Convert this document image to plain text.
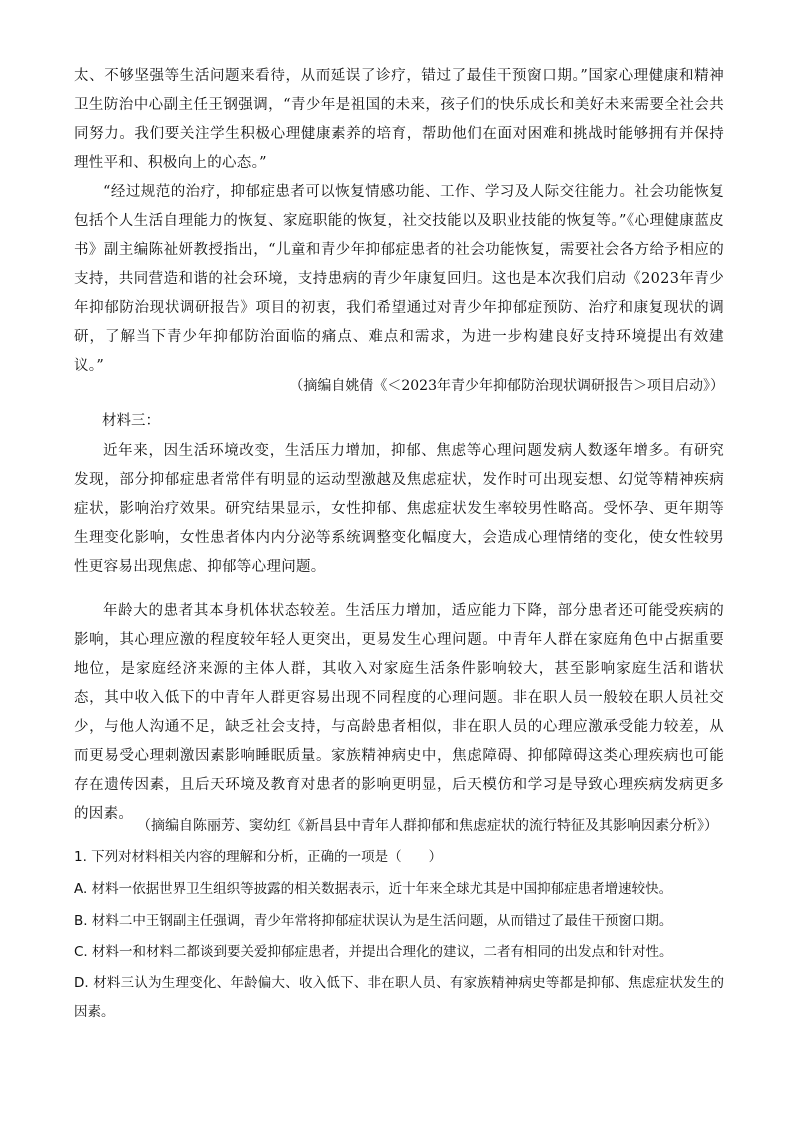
太、不够坚强等生活问题来看待，从而延误了诊疗，错过了最佳干预窗口期。”国家心理健康和精神卫生防治中心副主任王钢强调，“青少年是祖国的未来，孩子们的快乐成长和美好未来需要全社会共同努力。我们要关注学生积极心理健康素养的培育，帮助他们在面对困难和挑战时能够拥有并保持理性平和、积极向上的心态。”
“经过规范的治疗，抑郁症患者可以恢复情感功能、工作、学习及人际交往能力。社会功能恢复包括个人生活自理能力的恢复、家庭职能的恢复，社交技能以及职业技能的恢复等。”《心理健康蓝皮书》副主编陈祉妍教授指出，“儿童和青少年抑郁症患者的社会功能恢复，需要社会各方给予相应的支持，共同营造和谐的社会环境，支持患病的青少年康复回归。这也是本次我们启动《2023年青少年抑郁防治现状调研报告》项目的初衷，我们希望通过对青少年抑郁症预防、治疗和康复现状的调研，了解当下青少年抑郁防治面临的痛点、难点和需求，为进一步构建良好支持环境提出有效建议。”
（摘编自姚倩《＜2023年青少年抑郁防治现状调研报告＞项目启动》）
材料三：
近年来，因生活环境改变，生活压力增加，抑郁、焦虑等心理问题发病人数逐年增多。有研究发现，部分抑郁症患者常伴有明显的运动型激越及焦虑症状，发作时可出现妄想、幻觉等精神疾病症状，影响治疗效果。研究结果显示，女性抑郁、焦虑症状发生率较男性略高。受怀孕、更年期等生理变化影响，女性患者体内内分泌等系统调整变化幅度大，会造成心理情绪的变化，使女性较男性更容易出现焦虑、抑郁等心理问题。
年龄大的患者其本身机体状态较差。生活压力增加，适应能力下降，部分患者还可能受疾病的影响，其心理应激的程度较年轻人更突出，更易发生心理问题。中青年人群在家庭角色中占据重要地位，是家庭经济来源的主体人群，其收入对家庭生活条件影响较大，甚至影响家庭生活和谐状态，其中收入低下的中青年人群更容易出现不同程度的心理问题。非在职人员一般较在职人员社交少，与他人沟通不足，缺乏社会支持，与高龄患者相似，非在职人员的心理应激承受能力较差，从而更易受心理刺激因素影响睡眠质量。家族精神病史中，焦虑障碍、抑郁障碍这类心理疾病也可能存在遗传因素，且后天环境及教育对患者的影响更明显，后天模仿和学习是导致心理疾病发病更多的因素。
（摘编自陈丽芳、窦幼红《新昌县中青年人群抑郁和焦虑症状的流行特征及其影响因素分析》）
1. 下列对材料相关内容的理解和分析，正确的一项是（　　）
A. 材料一依据世界卫生组织等披露的相关数据表示，近十年来全球尤其是中国抑郁症患者增速较快。
B. 材料二中王钢副主任强调，青少年常将抑郁症状误认为是生活问题，从而错过了最佳干预窗口期。
C. 材料一和材料二都谈到要关爱抑郁症患者，并提出合理化的建议，二者有相同的出发点和针对性。
D. 材料三认为生理变化、年龄偏大、收入低下、非在职人员、有家族精神病史等都是抑郁、焦虑症状发生的因素。
